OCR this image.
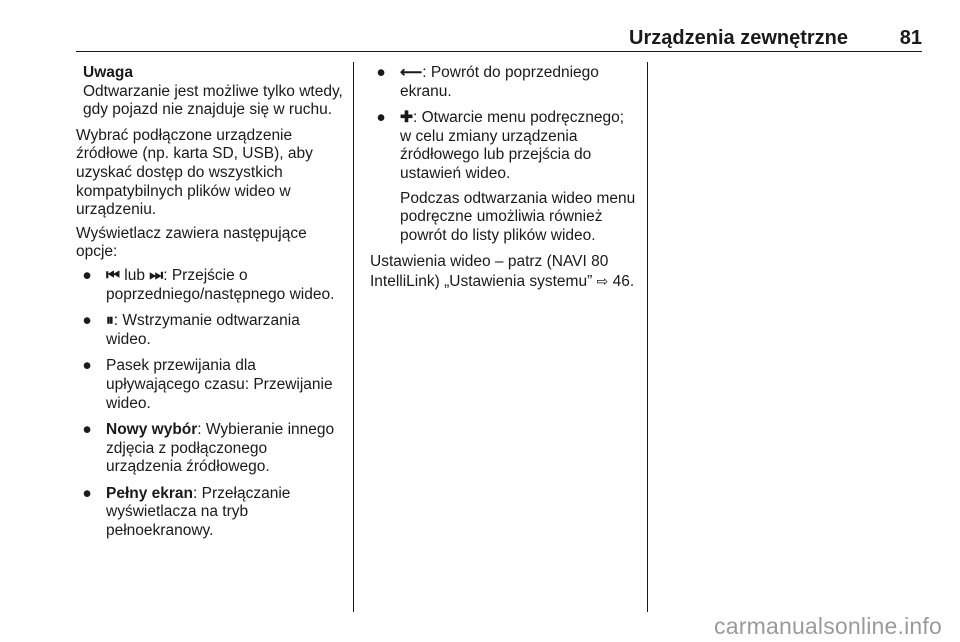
Urządzenia zewnętrzne	81
Uwaga
Odtwarzanie jest możliwe tylko wtedy, gdy pojazd nie znajduje się w ruchu.

Wybrać podłączone urządzenie źródłowe (np. karta SD, USB), aby uzyskać dostęp do wszystkich kompatybilnych plików wideo w urządzeniu.

Wyświetlacz zawiera następujące opcje:

● ⏮ lub ⏭: Przejście o poprzedniego/następnego wideo.
● ⏸: Wstrzymanie odtwarzania wideo.
● Pasek przewijania dla upływającego czasu: Przewijanie wideo.
● Nowy wybór: Wybieranie innego zdjęcia z podłączonego urządzenia źródłowego.
● Pełny ekran: Przełączanie wyświetlacza na tryb pełnoekranowy.
● ⟵: Powrót do poprzedniego ekranu.
● ✚: Otwarcie menu podręcznego; w celu zmiany urządzenia źródłowego lub przejścia do ustawień wideo.
Podczas odtwarzania wideo menu podręczne umożliwia również powrót do listy plików wideo.

Ustawienia wideo – patrz (NAVI 80 IntelliLink) „Ustawienia systemu” ⇨ 46.

carmanualsonline.info
